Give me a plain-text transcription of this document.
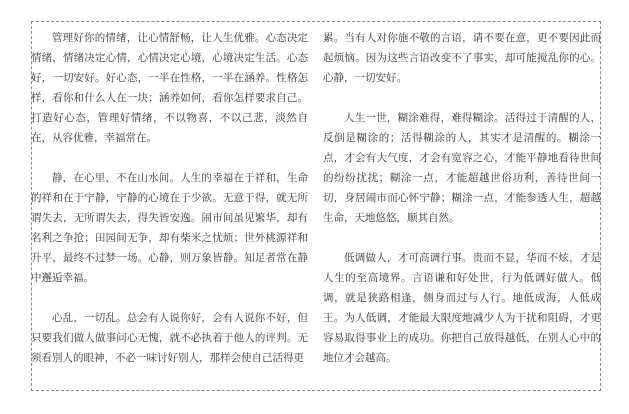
管理好你的情绪，让心情舒畅，让人生优雅。心态决定情绪，情绪决定心情，心情决定心境，心境决定生活。心态好，一切安好。好心态，一半在性格，一半在涵养。性格怎样，看你和什么人在一块；涵养如何，看你怎样要求自己。打造好心态，管理好情绪，不以物喜，不以己悲，淡然自在，从容优雅，幸福常在。

静，在心里，不在山水间。人生的幸福在于祥和，生命的祥和在于宁静，宁静的心境在于少欲。无意于得，就无所谓失去，无所谓失去，得失皆安逸。闹市间虽见繁华，却有名利之争抢；田园间无争，却有柴米之忧烦；世外桃源祥和升平，最终不过梦一场。心静，则万象皆静。知足者常在静中邂逅幸福。

心乱，一切乱。总会有人说你好，会有人说你不好，但只要我们做人做事问心无愧，就不必执着于他人的评判。无须看别人的眼神，不必一味讨好别人，那样会使自己活得更

累。当有人对你施不敬的言语，请不要在意，更不要因此而起烦恼。因为这些言语改变不了事实，却可能搅乱你的心。心静，一切安好。

人生一世，糊涂难得，难得糊涂。活得过于清醒的人，反倒是糊涂的；活得糊涂的人，其实才是清醒的。糊涂一点，才会有大气度，才会有宽容之心，才能平静地看待世间的纷纷扰扰；糊涂一点，才能超越世俗功利，善待世间一切，身居闹市而心怀宁静；糊涂一点，才能参透人生，超越生命，天地悠悠，顺其自然。

低调做人，才可高调行事。贵而不显，华而不炫，才是人生的至高境界。言语谦和好处世，行为低调好做人。低调，就是狭路相逢，侧身而过与人行。地低成海，人低成王。为人低调，才能最大限度地减少人为干扰和阻碍，才更容易取得事业上的成功。你把自己放得越低，在别人心中的地位才会越高。
